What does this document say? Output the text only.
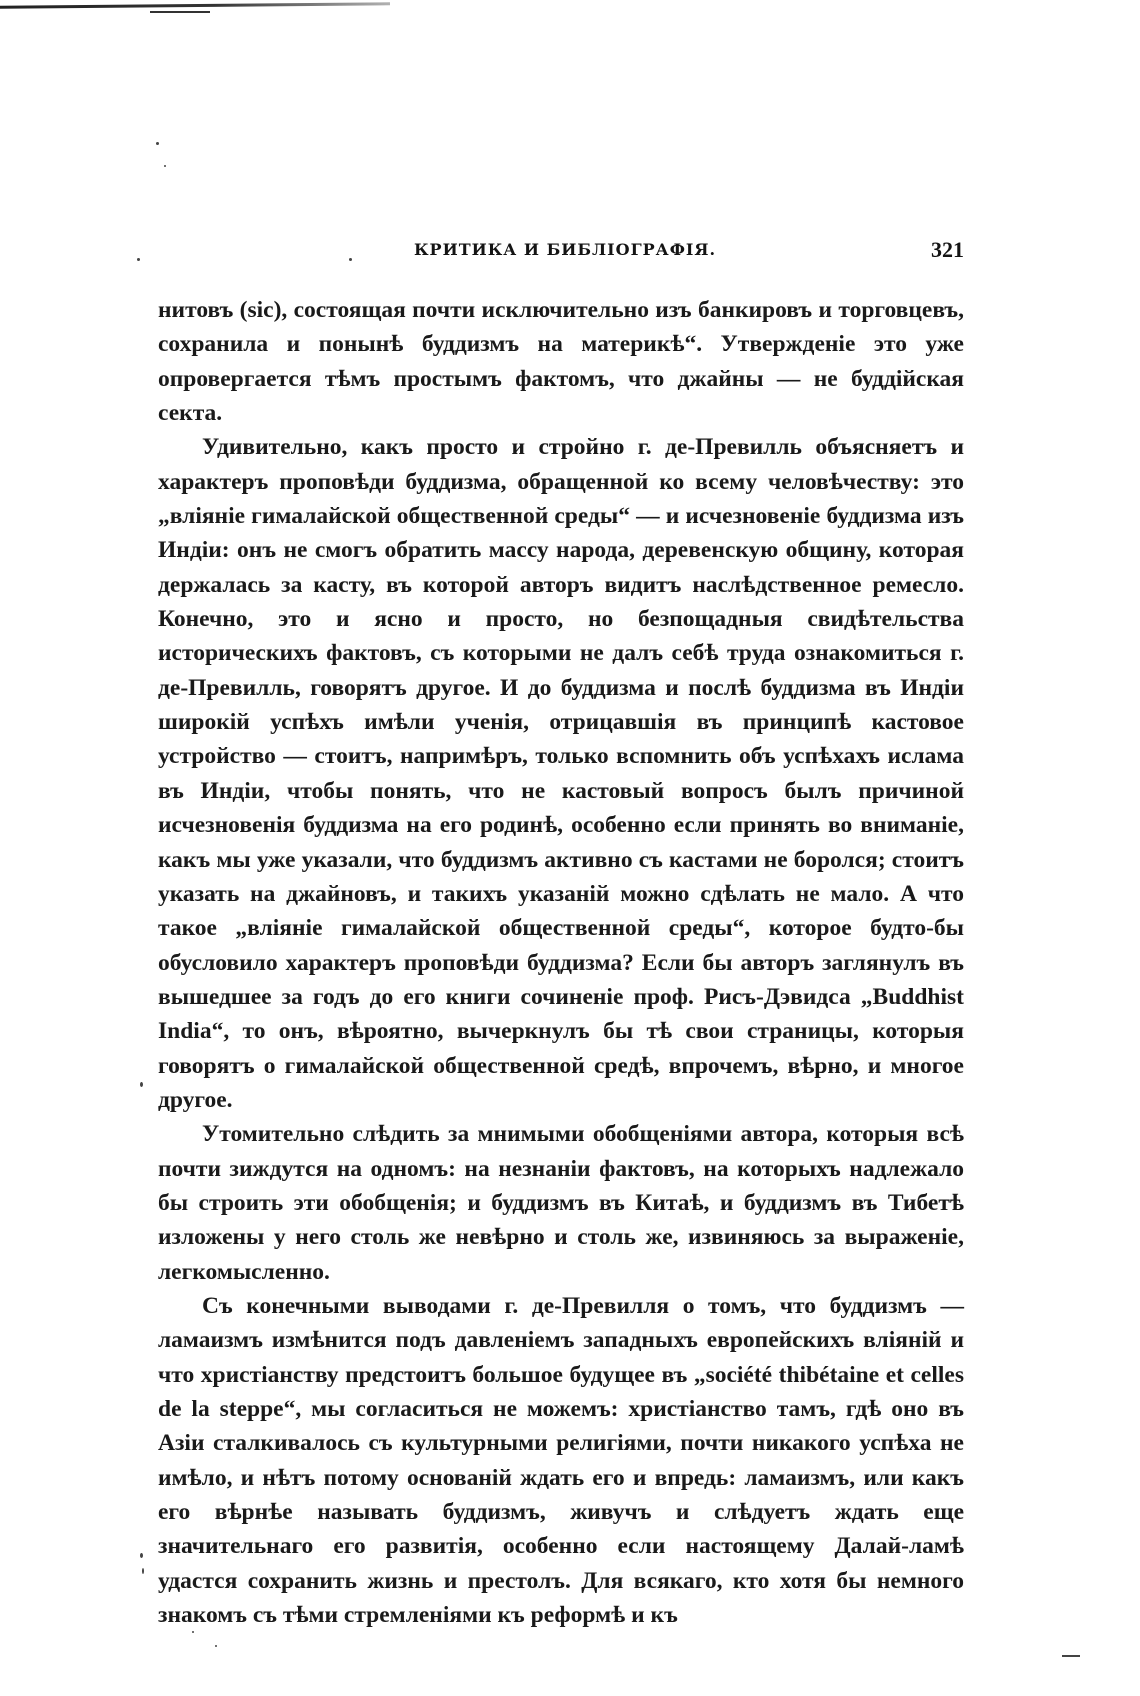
КРИТИКА И БИБЛІОГРАФІЯ.	321

нитовъ (sic), состоящая почти исключительно изъ банкировъ и торговцевъ, сохранила и понынѣ буддизмъ на материкѣ“. Утвержденіе это уже опровергается тѣмъ простымъ фактомъ, что джайны — не буддійская секта.

Удивительно, какъ просто и стройно г. де-Превилль объясняетъ и характеръ проповѣди буддизма, обращенной ко всему человѣчеству: это „вліяніе гималайской общественной среды“ — и исчезновеніе буддизма изъ Индіи: онъ не смогъ обратить массу народа, деревенскую общину, которая держалась за касту, въ которой авторъ видитъ наслѣдственное ремесло. Конечно, это и ясно и просто, но безпощадныя свидѣтельства историческихъ фактовъ, съ которыми не далъ себѣ труда ознакомиться г. де-Превилль, говорятъ другое. И до буддизма и послѣ буддизма въ Индіи широкій успѣхъ имѣли ученія, отрицавшія въ принципѣ кастовое устройство — стоитъ, напримѣръ, только вспомнить объ успѣхахъ ислама въ Индіи, чтобы понять, что не кастовый вопросъ былъ причиной исчезновенія буддизма на его родинѣ, особенно если принять во вниманіе, какъ мы уже указали, что буддизмъ активно съ кастами не боролся; стоитъ указать на джайновъ, и такихъ указаній можно сдѣлать не мало. А что такое „вліяніе гималайской общественной среды“, которое будто-бы обусловило характеръ проповѣди буддизма? Если бы авторъ заглянулъ въ вышедшее за годъ до его книги сочиненіе проф. Рисъ-Дэвидса „Buddhist India“, то онъ, вѣроятно, вычеркнулъ бы тѣ свои страницы, которыя говорятъ о гималайской общественной средѣ, впрочемъ, вѣрно, и многое другое.

Утомительно слѣдить за мнимыми обобщеніями автора, которыя всѣ почти зиждутся на одномъ: на незнаніи фактовъ, на которыхъ надлежало бы строить эти обобщенія; и буддизмъ въ Китаѣ, и буддизмъ въ Тибетѣ изложены у него столь же невѣрно и столь же, извиняюсь за выраженіе, легкомысленно.

Съ конечными выводами г. де-Превилля о томъ, что буддизмъ — ламаизмъ измѣнится подъ давленіемъ западныхъ европейскихъ вліяній и что христіанству предстоитъ большое будущее въ „société thibétaine et celles de la steppe“, мы согласиться не можемъ: христіанство тамъ, гдѣ оно въ Азіи сталкивалось съ культурными религіями, почти никакого успѣха не имѣло, и нѣтъ потому основаній ждать его и впредь: ламаизмъ, или какъ его вѣрнѣе называть буддизмъ, живучъ и слѣдуетъ ждать еще значительнаго его развитія, особенно если настоящему Далай-ламѣ удастся сохранить жизнь и престолъ. Для всякаго, кто хотя бы немного знакомъ съ тѣми стремленіями къ реформѣ и къ
